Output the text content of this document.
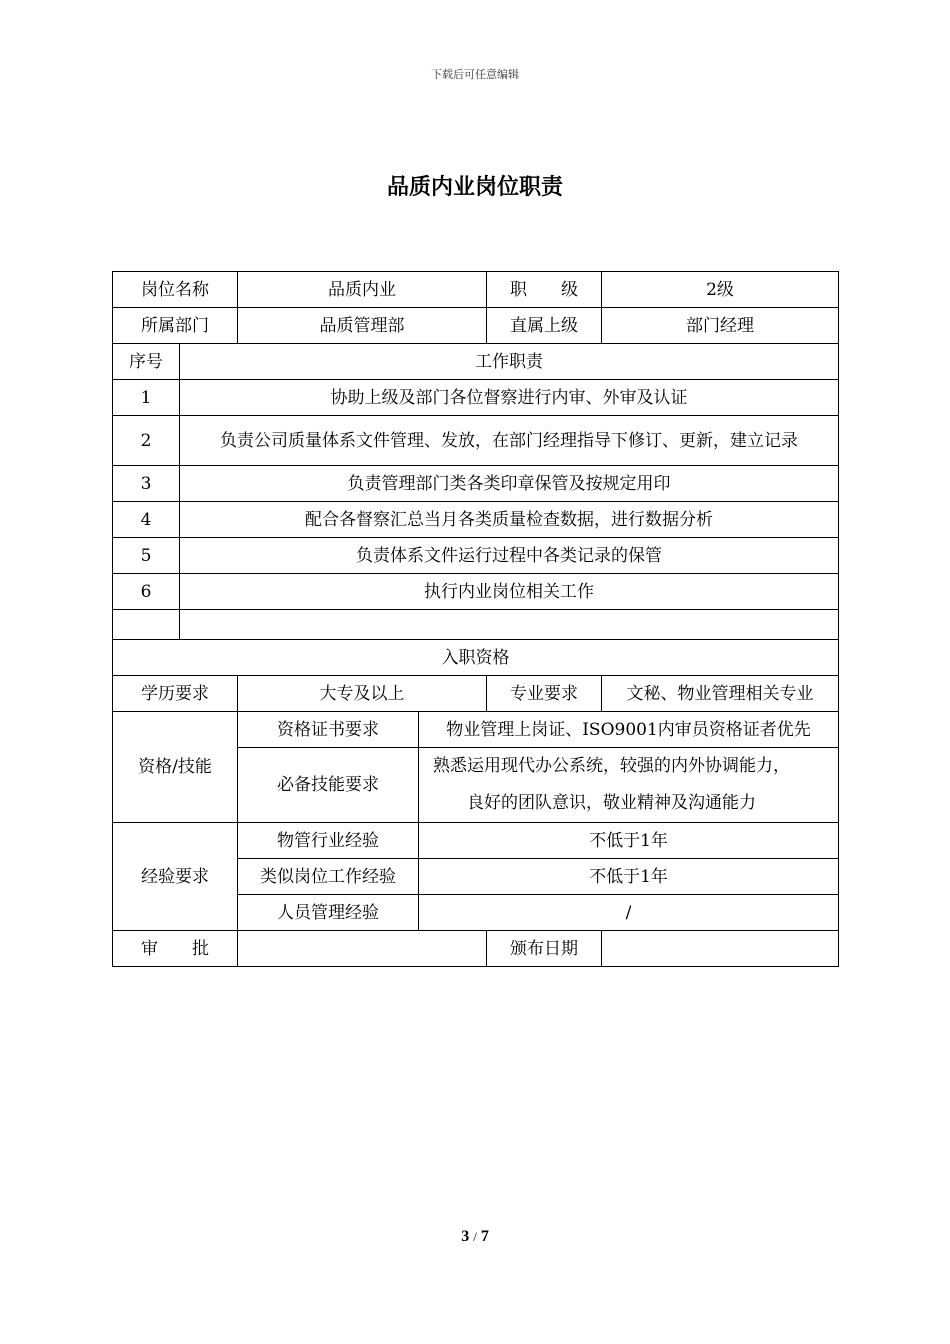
下载后可任意编辑
品质内业岗位职责
岗位名称		品质内业		职　　级	2级
所属部门		品质管理部		直属上级	部门经理
序号	工作职责				
1	协助上级及部门各位督察进行内审、外审及认证				
2	负责公司质量体系文件管理、发放，在部门经理指导下修订、更新，建立记录				
3	负责管理部门类各类印章保管及按规定用印				
4	配合各督察汇总当月各类质量检查数据，进行数据分析				
5	负责体系文件运行过程中各类记录的保管				
6	执行内业岗位相关工作				

入职资格					
学历要求		大专及以上		专业要求	文秘、物业管理相关专业
资格/技能		资格证书要求	物业管理上岗证、ISO9001内审员资格证者优先		
		必备技能要求	熟悉运用现代办公系统，较强的内外协调能力，良好的团队意识，敬业精神及沟通能力		
经验要求		物管行业经验	不低于1年		
		类似岗位工作经验	不低于1年		
		人员管理经验	/		
审　　批				颁布日期	
3 / 7
